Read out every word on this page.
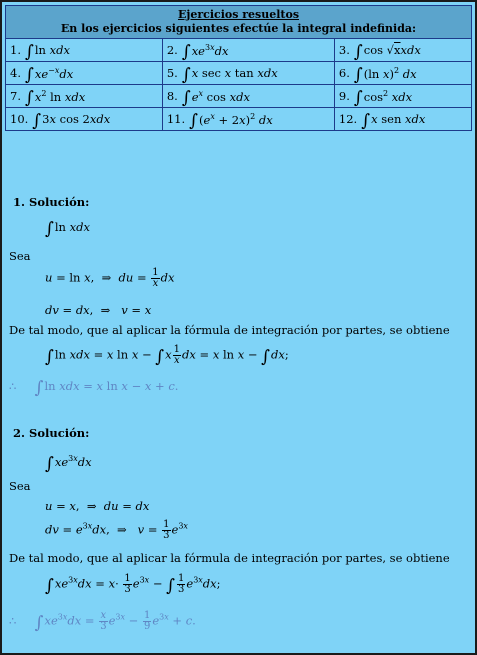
Ejercicios resueltos
En los ejercicios siguientes efectúe la integral indefinida:		

1. ∫ln xdx	2. $\int xe^{3x}dx$	3. ∫cos √xxdx
4. $\int xe^{-x}dx$	5. ∫x sec x tan xdx	6. ∫(ln x)$^2$ dx
7. $\int x^2$ ln xdx	8. $\int e^x$ cos xdx	9. $\int\cos^2$ xdx
10. ∫3x cos 2xdx	11. $\int(e^x + 2x)^2$ dx	12. ∫x sen xdx
1. Solución:
∫ln xdx
Sea
u = ln x,  ⇒  du = $\frac{1}{x}$ dx
dv = dx,  ⇒   v = x
De tal modo, que al aplicar la fórmula de integración por partes, se obtiene
∫ln xdx = x $\ln x - \int x \frac{1}{x}$ dx = x ln x − ∫dx;
∴     ∫ln xdx = x ln x − x + c.
2. Solución:
$\int xe^{3x}dx$
Sea
u = x,  ⇒  du = dx
dv = $e^{3x}dx$,  ⇒   $v = \frac{1}{3} e^{3x}$
De tal modo, que al aplicar la fórmula de integración por partes, se obtiene
$\int xe^{3x}dx = x\cdot \frac{1}{3} e^{3x}$ − ∫ $\frac{1}{3} e^{3x}dx$;
∴     $\int xe^{3x}dx = \frac{x}{3} e^{3x} - \frac{1}{9} e^{3x} + c$.
